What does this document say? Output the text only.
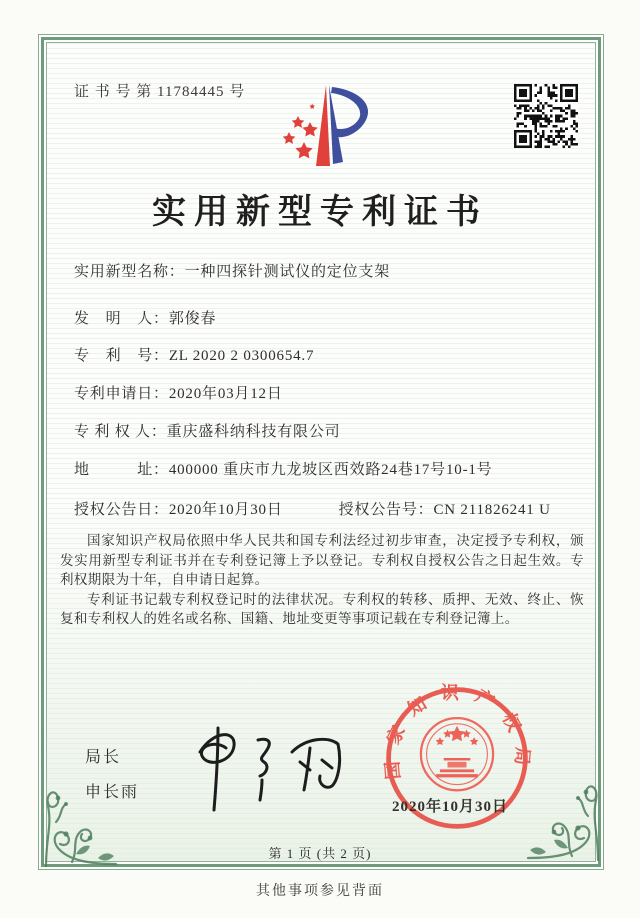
证 书 号 第 11784445 号
实用新型专利证书
实用新型名称：一种四探针测试仪的定位支架
发　明　人：郭俊春
专　利　号：ZL 2020 2 0300654.7
专利申请日：2020年03月12日
专 利 权 人：重庆盛科纳科技有限公司
地　　　址：400000 重庆市九龙坡区西效路24巷17号10-1号
授权公告日：2020年10月30日	授权公告号：CN 211826241 U

国家知识产权局依照中华人民共和国专利法经过初步审查，决定授予专利权，颁发实用新型专利证书并在专利登记簿上予以登记。专利权自授权公告之日起生效。专利权期限为十年，自申请日起算。

专利证书记载专利权登记时的法律状况。专利权的转移、质押、无效、终止、恢复和专利权人的姓名或名称、国籍、地址变更等事项记载在专利登记簿上。

局长
申长雨
国家知识产权局
2020年10月30日
第 1 页 (共 2 页)
其他事项参见背面
